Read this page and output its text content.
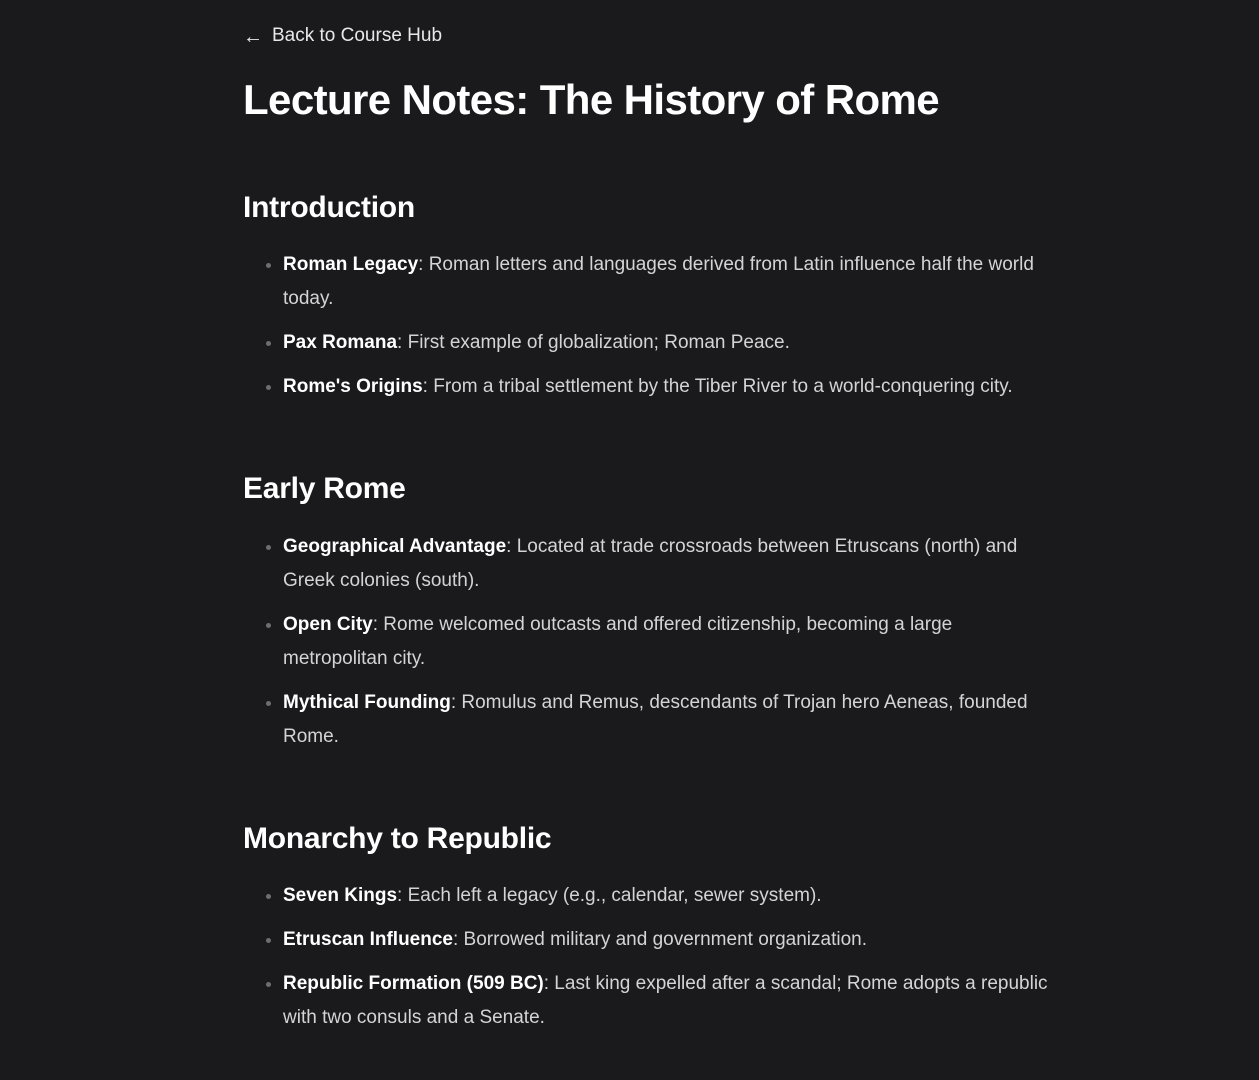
← Back to Course Hub
Lecture Notes: The History of Rome
Introduction
Roman Legacy: Roman letters and languages derived from Latin influence half the world today.
Pax Romana: First example of globalization; Roman Peace.
Rome's Origins: From a tribal settlement by the Tiber River to a world-conquering city.
Early Rome
Geographical Advantage: Located at trade crossroads between Etruscans (north) and Greek colonies (south).
Open City: Rome welcomed outcasts and offered citizenship, becoming a large metropolitan city.
Mythical Founding: Romulus and Remus, descendants of Trojan hero Aeneas, founded Rome.
Monarchy to Republic
Seven Kings: Each left a legacy (e.g., calendar, sewer system).
Etruscan Influence: Borrowed military and government organization.
Republic Formation (509 BC): Last king expelled after a scandal; Rome adopts a republic with two consuls and a Senate.
